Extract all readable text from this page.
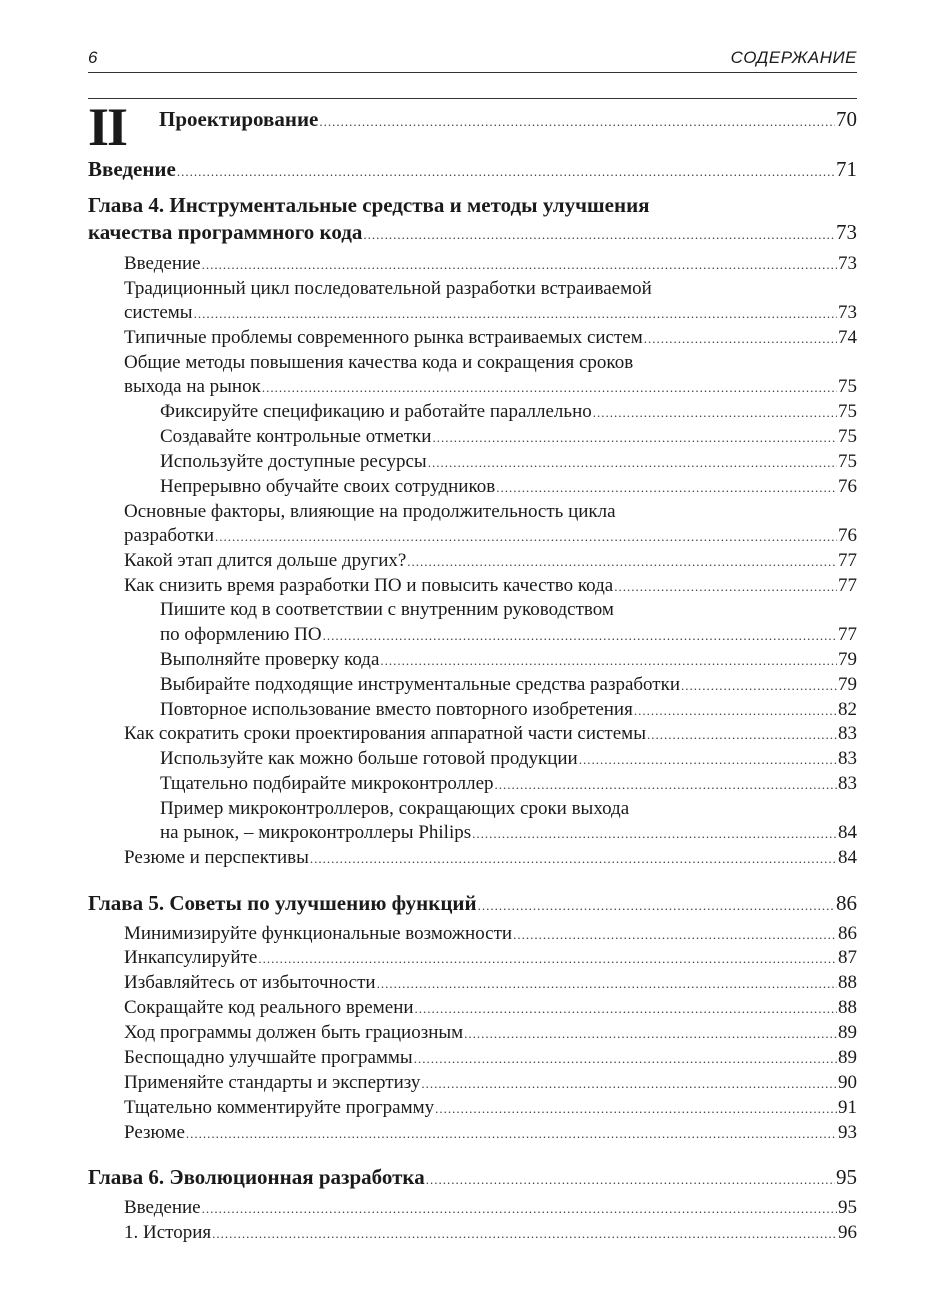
6	СОДЕРЖАНИЕ
II Проектирование .....	70
Введение .....	71
Глава 4. Инструментальные средства и методы улучшения
качества программного кода .....	73
Введение .....	73
Традиционный цикл последовательной разработки встраиваемой
системы .....	73
Типичные проблемы современного рынка встраиваемых систем .....	74
Общие методы повышения качества кода и сокращения сроков
выхода на рынок .....	75
Фиксируйте спецификацию и работайте параллельно .....	75
Создавайте контрольные отметки .....	75
Используйте доступные ресурсы .....	75
Непрерывно обучайте своих сотрудников .....	76
Основные факторы, влияющие на продолжительность цикла
разработки .....	76
Какой этап длится дольше других? .....	77
Как снизить время разработки ПО и повысить качество кода .....	77
Пишите код в соответствии с внутренним руководством
по оформлению ПО .....	77
Выполняйте проверку кода .....	79
Выбирайте подходящие инструментальные средства разработки .....	79
Повторное использование вместо повторного изобретения .....	82
Как сократить сроки проектирования аппаратной части системы .....	83
Используйте как можно больше готовой продукции .....	83
Тщательно подбирайте микроконтроллер .....	83
Пример микроконтроллеров, сокращающих сроки выхода
на рынок, – микроконтроллеры Philips .....	84
Резюме и перспективы .....	84
Глава 5. Советы по улучшению функций .....	86
Минимизируйте функциональные возможности .....	86
Инкапсулируйте .....	87
Избавляйтесь от избыточности .....	88
Сокращайте код реального времени .....	88
Ход программы должен быть грациозным .....	89
Беспощадно улучшайте программы .....	89
Применяйте стандарты и экспертизу .....	90
Тщательно комментируйте программу .....	91
Резюме .....	93
Глава 6. Эволюционная разработка .....	95
Введение .....	95
1. История .....	96
